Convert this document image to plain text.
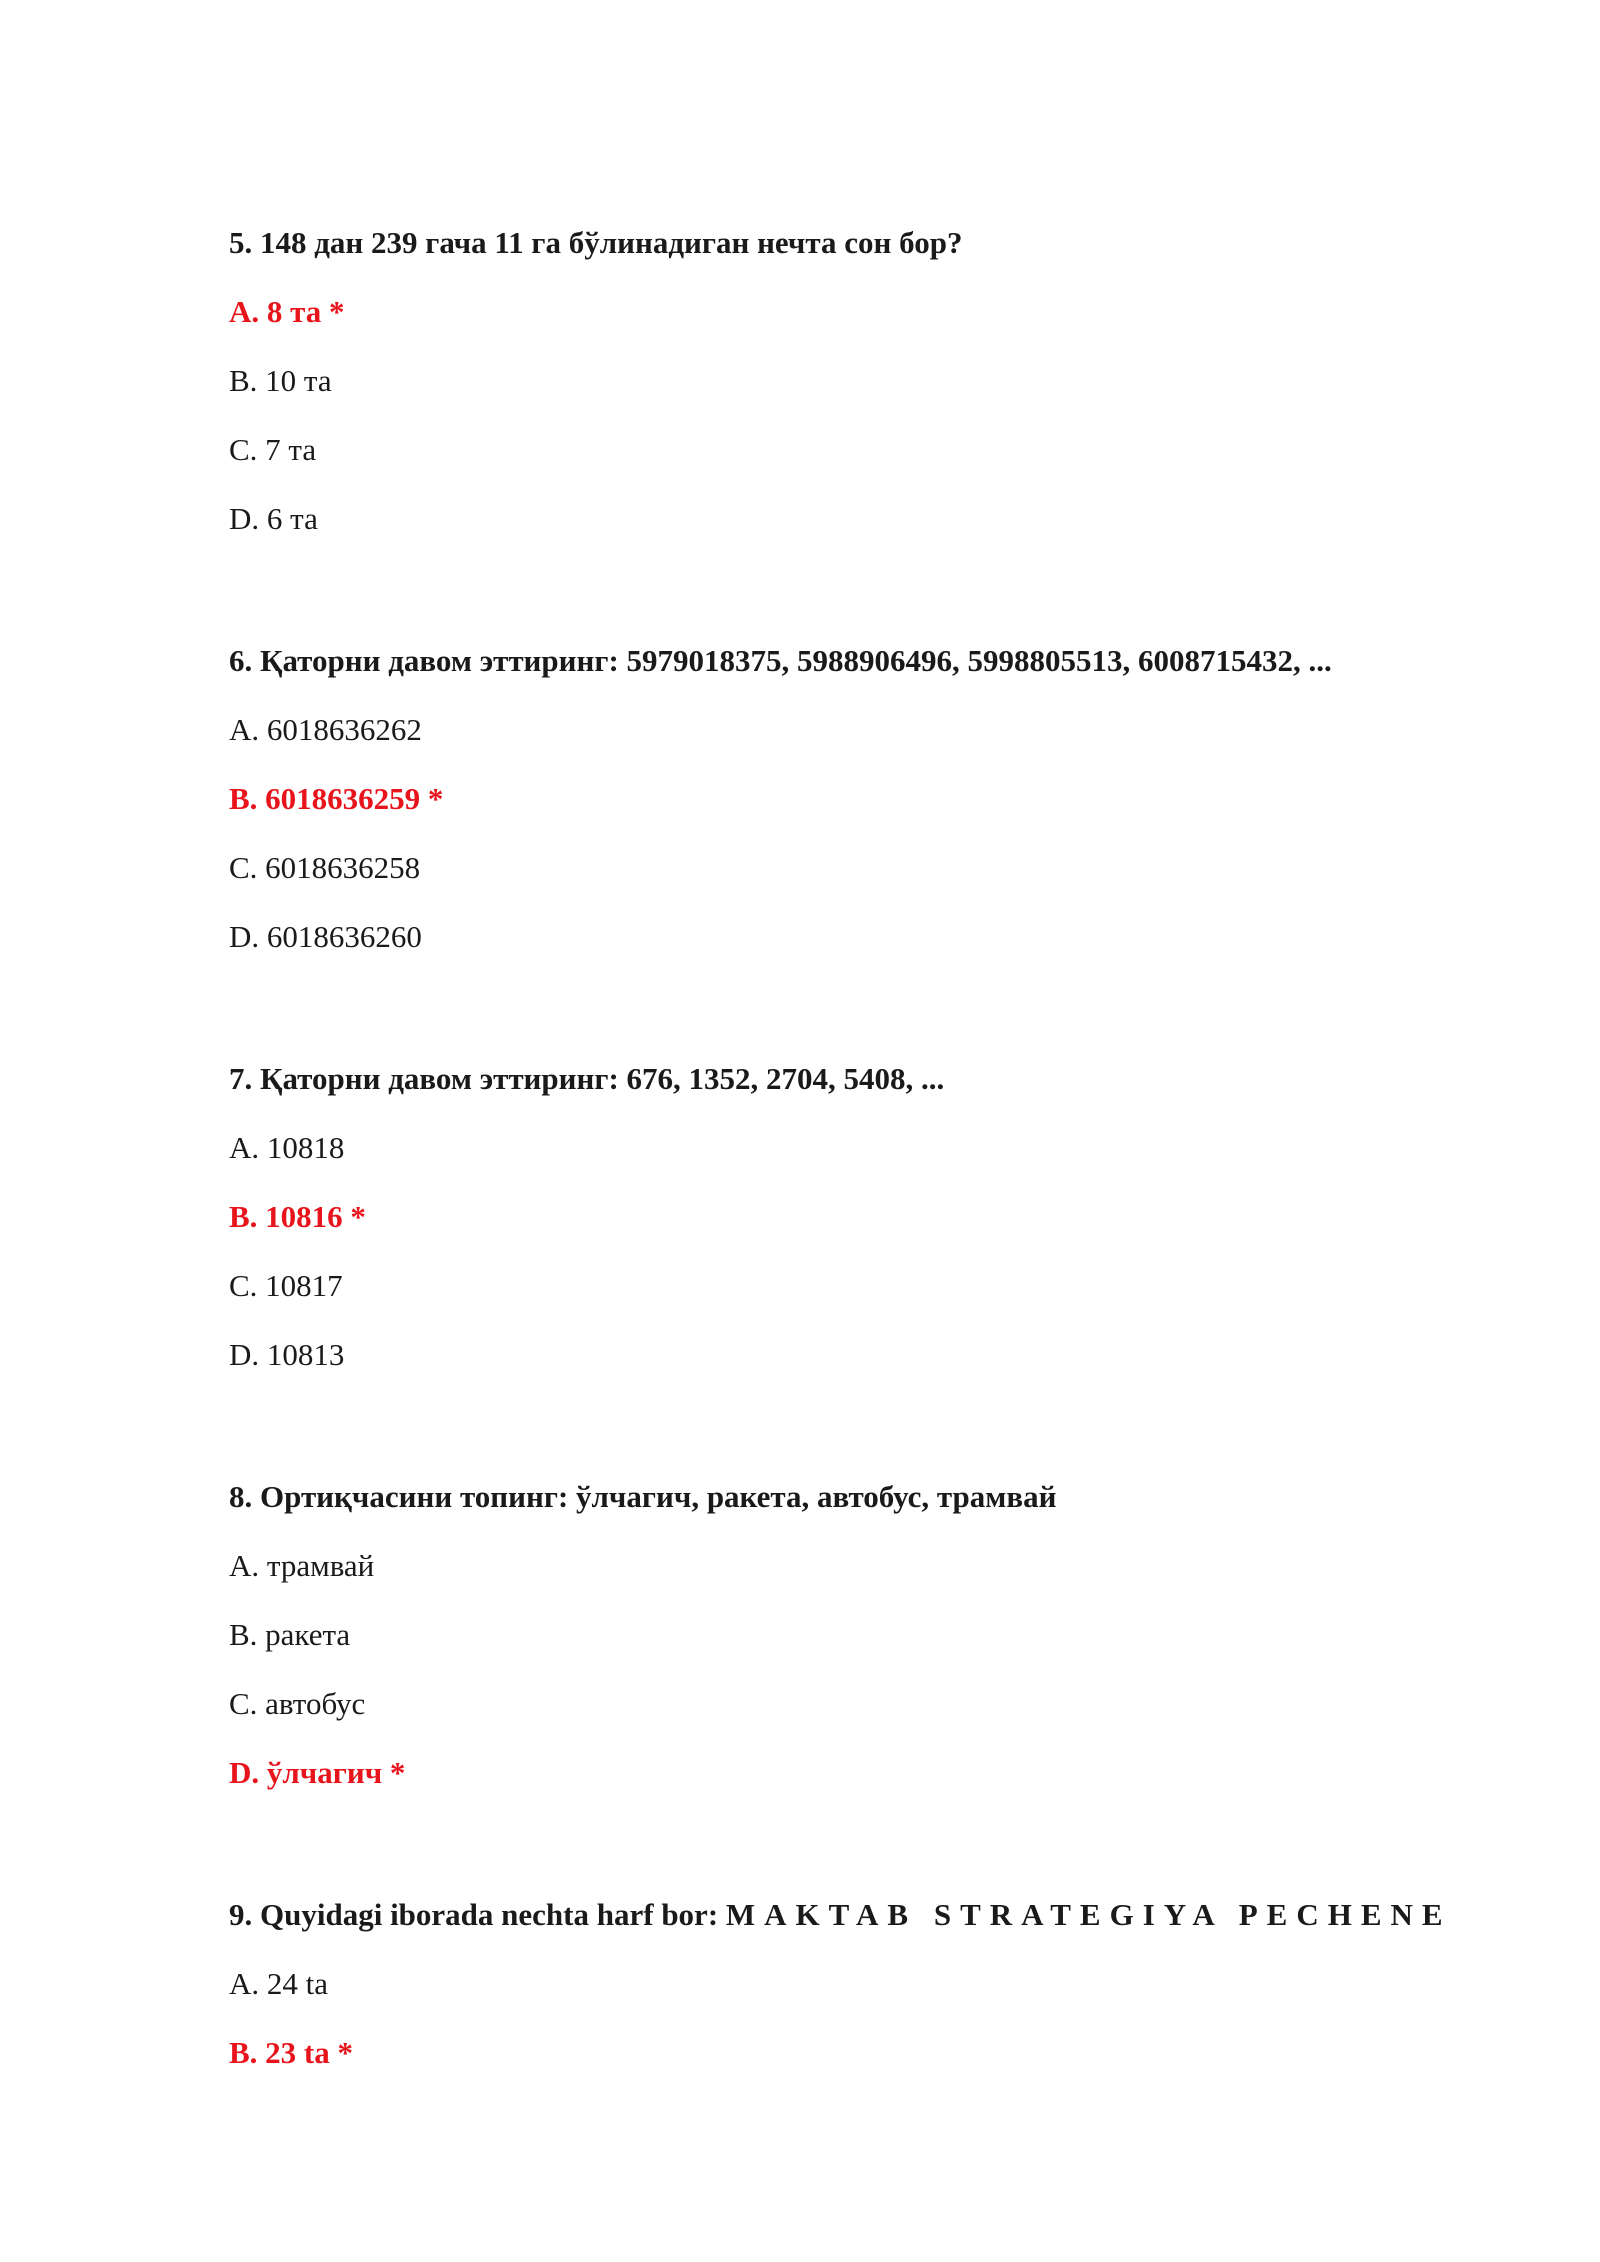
5. 148 дан 239 гача 11 га бўлинадиган нечта сон бор?
A. 8 та *
B. 10 та
C. 7 та
D. 6 та
6. Қаторни давом эттиринг: 5979018375, 5988906496, 5998805513, 6008715432, ...
A. 6018636262
B. 6018636259 *
C. 6018636258
D. 6018636260
7. Қаторни давом эттиринг: 676, 1352, 2704, 5408, ...
A. 10818
B. 10816 *
C. 10817
D. 10813
8. Ортиқчасини топинг: ўлчагич, ракета, автобус, трамвай
A. трамвай
B. ракета
C. автобус
D. ўлчагич *
9. Quyidagi iborada nechta harf bor: MAKTAB STRATEGIYA PECHENE
A. 24 ta
B. 23 ta *
